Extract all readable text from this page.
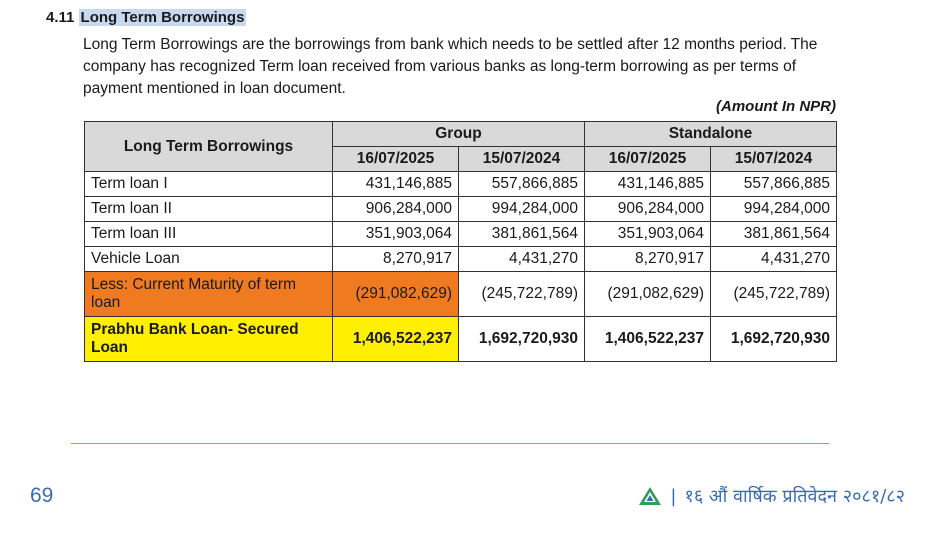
4.11 Long Term Borrowings
Long Term Borrowings are the borrowings from bank which needs to be settled after 12 months period. The company has recognized Term loan received from various banks as long-term borrowing as per terms of payment mentioned in loan document.
(Amount In NPR)
Long Term Borrowings	Group		Standalone	
	16/07/2025	15/07/2024	16/07/2025	15/07/2024
Term loan I	431,146,885	557,866,885	431,146,885	557,866,885
Term loan II	906,284,000	994,284,000	906,284,000	994,284,000
Term loan III	351,903,064	381,861,564	351,903,064	381,861,564
Vehicle Loan	8,270,917	4,431,270	8,270,917	4,431,270
Less: Current Maturity of term loan	(291,082,629)	(245,722,789)	(291,082,629)	(245,722,789)
Prabhu Bank Loan- Secured Loan	1,406,522,237	1,692,720,930	1,406,522,237	1,692,720,930
69	| १६ औं वार्षिक प्रतिवेदन २०८१/८२
